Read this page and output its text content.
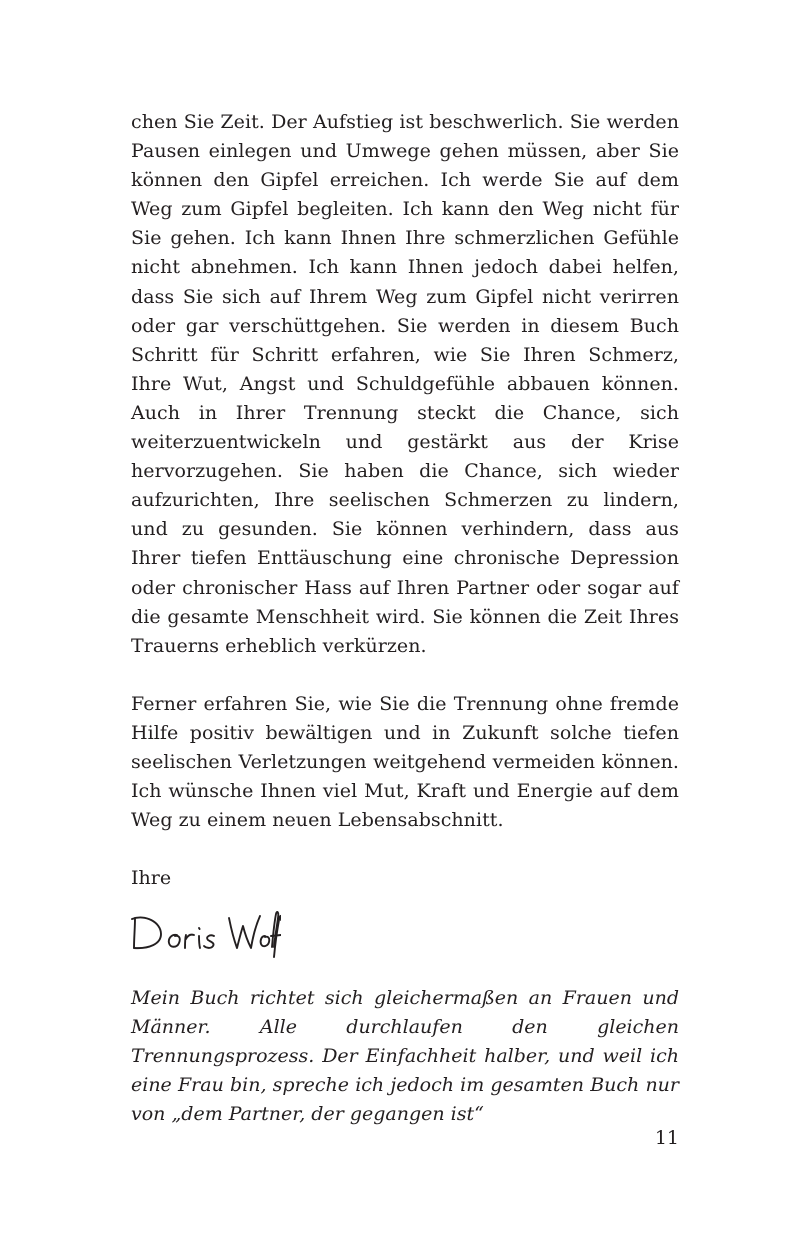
chen Sie Zeit. Der Aufstieg ist beschwerlich. Sie werden Pausen einlegen und Umwege gehen müssen, aber Sie können den Gipfel erreichen. Ich werde Sie auf dem Weg zum Gipfel begleiten. Ich kann den Weg nicht für Sie gehen. Ich kann Ihnen Ihre schmerzlichen Gefühle nicht abnehmen. Ich kann Ihnen jedoch dabei helfen, dass Sie sich auf Ihrem Weg zum Gipfel nicht verirren oder gar verschüttgehen. Sie werden in diesem Buch Schritt für Schritt erfahren, wie Sie Ihren Schmerz, Ihre Wut, Angst und Schuldgefühle abbauen können. Auch in Ihrer Trennung steckt die Chance, sich weiterzuentwickeln und gestärkt aus der Krise hervorzugehen. Sie haben die Chance, sich wieder aufzurichten, Ihre seelischen Schmerzen zu lindern, und zu gesunden. Sie können verhindern, dass aus Ihrer tiefen Enttäuschung eine chronische Depression oder chronischer Hass auf Ihren Partner oder sogar auf die gesamte Menschheit wird. Sie können die Zeit Ihres Trauerns erheblich verkürzen.

Ferner erfahren Sie, wie Sie die Trennung ohne fremde Hilfe positiv bewältigen und in Zukunft solche tiefen seelischen Verletzungen weitgehend vermeiden können. Ich wünsche Ihnen viel Mut, Kraft und Energie auf dem Weg zu einem neuen Lebensabschnitt.

Ihre

Mein Buch richtet sich gleichermaßen an Frauen und Männer. Alle durchlaufen den gleichen Trennungsprozess. Der Einfachheit halber, und weil ich eine Frau bin, spreche ich jedoch im gesamten Buch nur von „dem Partner, der gegangen ist“

11
